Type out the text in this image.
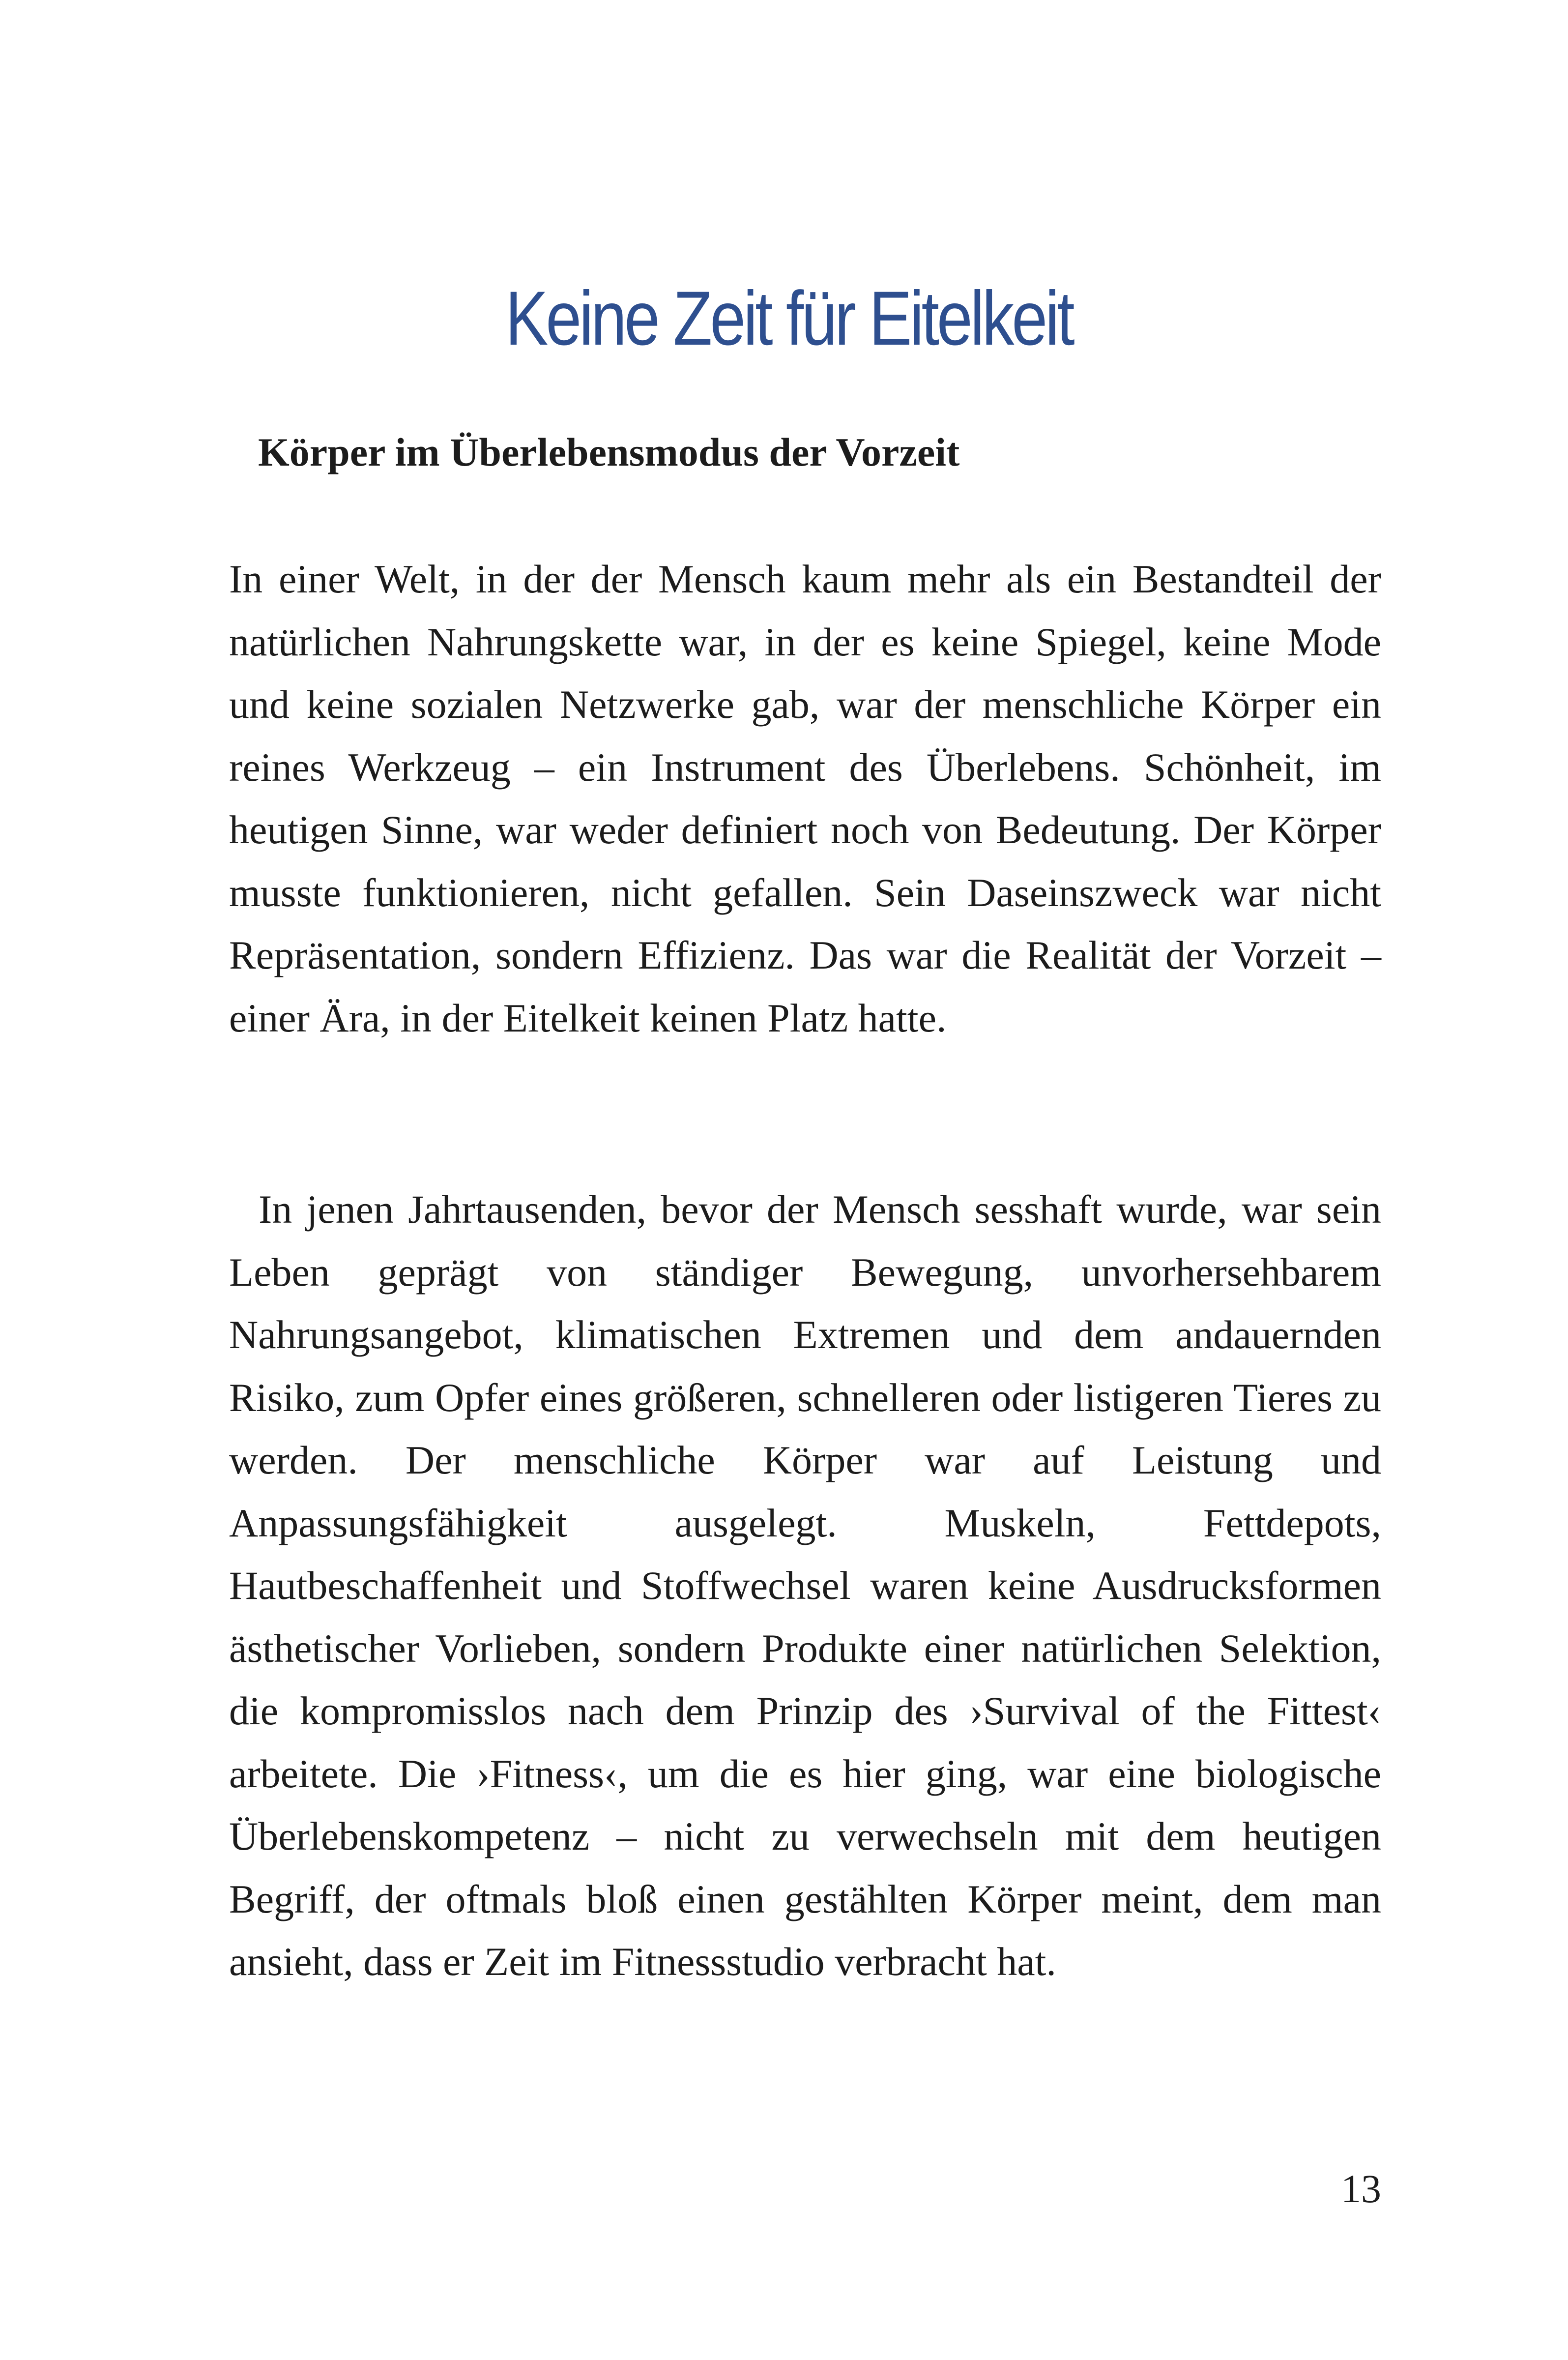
Keine Zeit für Eitelkeit
Körper im Überlebensmodus der Vorzeit

In einer Welt, in der der Mensch kaum mehr als ein Bestandteil der natürlichen Nahrungskette war, in der es keine Spiegel, keine Mode und keine sozialen Netzwerke gab, war der menschliche Körper ein reines Werkzeug – ein Instrument des Überlebens. Schönheit, im heutigen Sinne, war weder definiert noch von Bedeutung. Der Körper musste funktionieren, nicht gefallen. Sein Daseinszweck war nicht Repräsentation, sondern Effizienz. Das war die Realität der Vorzeit – einer Ära, in der Eitelkeit keinen Platz hatte.

In jenen Jahrtausenden, bevor der Mensch sesshaft wurde, war sein Leben geprägt von ständiger Bewegung, unvorhersehbarem Nahrungsangebot, klimatischen Extremen und dem andauernden Risiko, zum Opfer eines größeren, schnelleren oder listigeren Tieres zu werden. Der menschliche Körper war auf Leistung und Anpassungsfähigkeit ausgelegt. Muskeln, Fettdepots, Hautbeschaffenheit und Stoffwechsel waren keine Ausdrucksformen ästhetischer Vorlieben, sondern Produkte einer natürlichen Selektion, die kompromisslos nach dem Prinzip des ›Survival of the Fittest‹ arbeitete. Die ›Fitness‹, um die es hier ging, war eine biologische Überlebenskompetenz – nicht zu verwechseln mit dem heutigen Begriff, der oftmals bloß einen gestählten Körper meint, dem man ansieht, dass er Zeit im Fitnessstudio verbracht hat.

13
